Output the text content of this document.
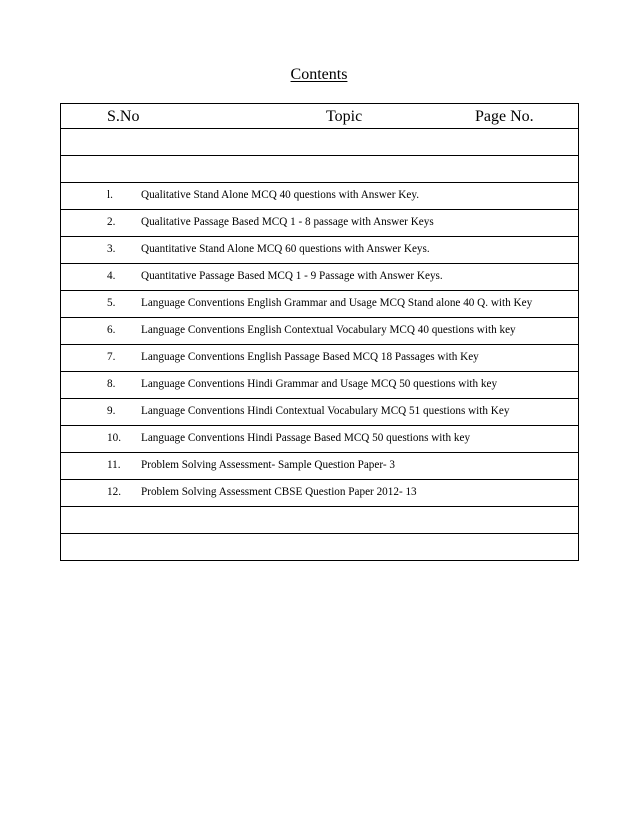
Contents
S.No	Topic	Page No.
l.	Qualitative Stand Alone MCQ 40 questions with Answer Key.
2. Qualitative Passage Based MCQ 1 - 8 passage with Answer Keys
3. Quantitative Stand Alone MCQ 60 questions with Answer Keys.
4. Quantitative Passage Based MCQ 1 - 9 Passage with Answer Keys.
5. Language Conventions English Grammar and Usage MCQ Stand alone 40 Q. with Key
6. Language Conventions English Contextual Vocabulary MCQ 40 questions with key
7. Language Conventions English Passage Based MCQ 18 Passages with Key
8. Language Conventions Hindi Grammar and Usage MCQ 50 questions with key
9. Language Conventions Hindi Contextual Vocabulary MCQ 51 questions with Key
10. Language Conventions Hindi Passage Based MCQ 50 questions with key
11. Problem Solving Assessment- Sample Question Paper- 3
12. Problem Solving Assessment CBSE Question Paper 2012- 13
